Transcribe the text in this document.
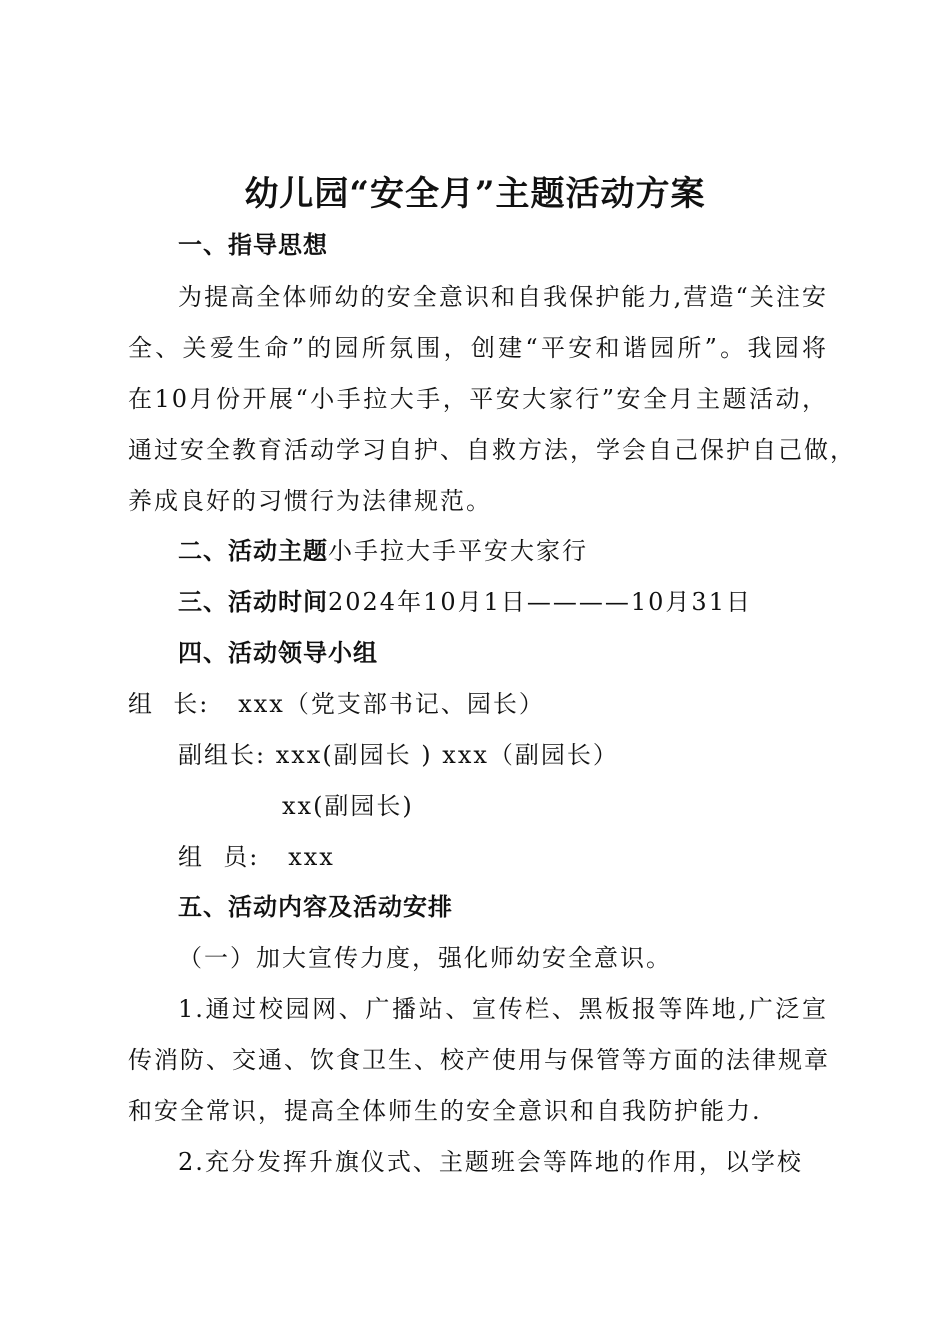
幼儿园“安全月”主题活动方案
一、指导思想
为提高全体师幼的安全意识和自我保护能力,营造“关注安
全、关爱生命”的园所氛围，创建“平安和谐园所”。我园将
在10月份开展“小手拉大手，平安大家行”安全月主题活动，
通过安全教育活动学习自护、自救方法，学会自己保护自己做，
养成良好的习惯行为法律规范。
二、活动主题小手拉大手平安大家行
三、活动时间2024年10月1日————10月31日
四、活动领导小组
组  长:   xxx（党支部书记、园长）
副组长: xxx(副园长 ) xxx（副园长）
xx(副园长)
组  员:   xxx
五、活动内容及活动安排
（一）加大宣传力度，强化师幼安全意识。
1.通过校园网、广播站、宣传栏、黑板报等阵地,广泛宣
传消防、交通、饮食卫生、校产使用与保管等方面的法律规章
和安全常识，提高全体师生的安全意识和自我防护能力.
2.充分发挥升旗仪式、主题班会等阵地的作用，以学校
